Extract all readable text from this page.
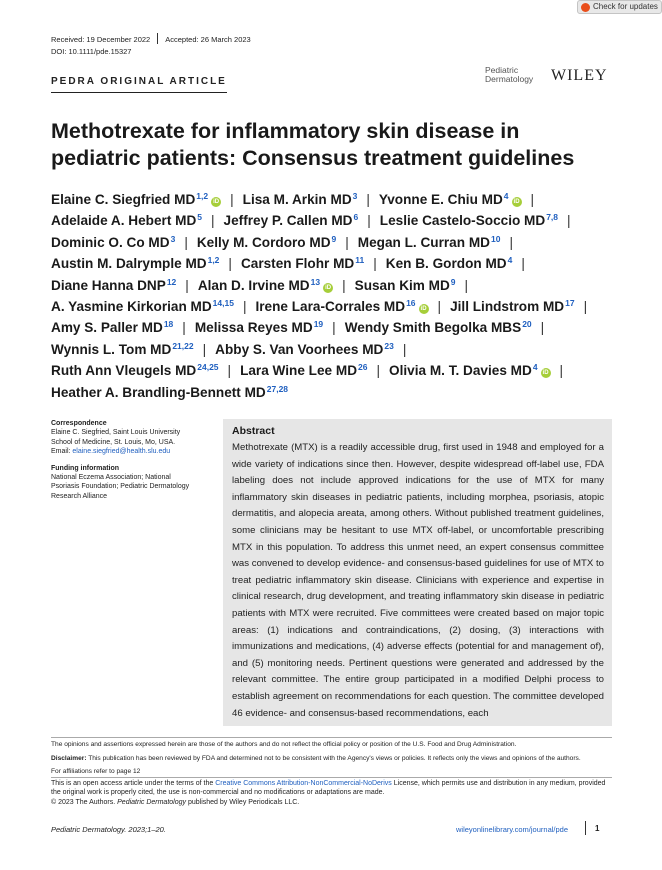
Check for updates
Received: 19 December 2022 Accepted: 26 March 2023
DOI: 10.1111/pde.15327
PEDRA ORIGINAL ARTICLE
Pediatric
Dermatology WILEY
Methotrexate for inflammatory skin disease in pediatric patients: Consensus treatment guidelines
Elaine C. Siegfried MD$^{1,2}$iD | Lisa M. Arkin $MD^3$ | Yvonne E. Chiu $MD^4iD$ |
Adelaide A. Hebert $MD^5$ | Jeffrey P. Callen $MD^6$ | Leslie Castelo-Soccio MD$^{7,8}$ |
Dominic O. Co $MD^3$ | Kelly M. Cordoro $MD^9$ | Megan L. Curran MD$^{10}$ |
Austin M. Dalrymple MD$^{1,2}$ | Carsten Flohr MD$^{11}$ | Ken B. Gordon $MD^4$ |
Diane Hanna DNP$^{12}$ | Alan D. Irvine MD$^{13}$iD | Susan Kim $MD^9$ |
A. Yasmine Kirkorian MD$^{14,15}$ | Irene Lara-Corrales MD$^{16}$iD | Jill Lindstrom MD$^{17}$ |
Amy S. Paller MD$^{18}$ | Melissa Reyes MD$^{19}$ | Wendy Smith Begolka MBS$^{20}$ |
Wynnis L. Tom MD$^{21,22}$ | Abby S. Van Voorhees MD$^{23}$ |
Ruth Ann Vleugels MD$^{24,25}$ | Lara Wine Lee MD$^{26}$ | Olivia M. T. Davies $MD^4iD$ |
Heather A. Brandling-Bennett MD$^{27,28}$
Correspondence
Elaine C. Siegfried, Saint Louis University
School of Medicine, St. Louis, Mo, USA.
Email: elaine.siegfried@health.slu.edu
Funding information
National Eczema Association; National
Psoriasis Foundation; Pediatric Dermatology
Research Alliance
Abstract

Methotrexate (MTX) is a readily accessible drug, first used in 1948 and employed for a wide variety of indications since then. However, despite widespread off-label use, FDA labeling does not include approved indications for the use of MTX for many inflammatory skin diseases in pediatric patients, including morphea, psoriasis, atopic dermatitis, and alopecia areata, among others. Without published treatment guidelines, some clinicians may be hesitant to use MTX off-label, or uncomfortable prescribing MTX in this population. To address this unmet need, an expert consensus committee was convened to develop evidence- and consensus-based guidelines for use of MTX to treat pediatric inflammatory skin disease. Clinicians with experience and expertise in clinical research, drug development, and treating inflammatory skin disease in pediatric patients with MTX were recruited. Five committees were created based on major topic areas: (1) indications and contraindications, (2) dosing, (3) interactions with immunizations and medications, (4) adverse effects (potential for and management of), and (5) monitoring needs. Pertinent questions were generated and addressed by the relevant committee. The entire group participated in a modified Delphi process to establish agreement on recommendations for each question. The committee developed 46 evidence- and consensus-based recommendations, each

The opinions and assertions expressed herein are those of the authors and do not reflect the official policy or position of the U.S. Food and Drug Administration.
Disclaimer: This publication has been reviewed by FDA and determined not to be consistent with the Agency's views or policies. It reflects only the views and opinions of the authors.
For affiliations refer to page 12
This is an open access article under the terms of the Creative Commons Attribution-NonCommercial-NoDerivs License, which permits use and distribution in any medium, provided the original work is properly cited, the use is non-commercial and no modifications or adaptations are made.
© 2023 The Authors. Pediatric Dermatology published by Wiley Periodicals LLC.
Pediatric Dermatology. 2023;1–20.	wileyonlinelibrary.com/journal/pde	1
